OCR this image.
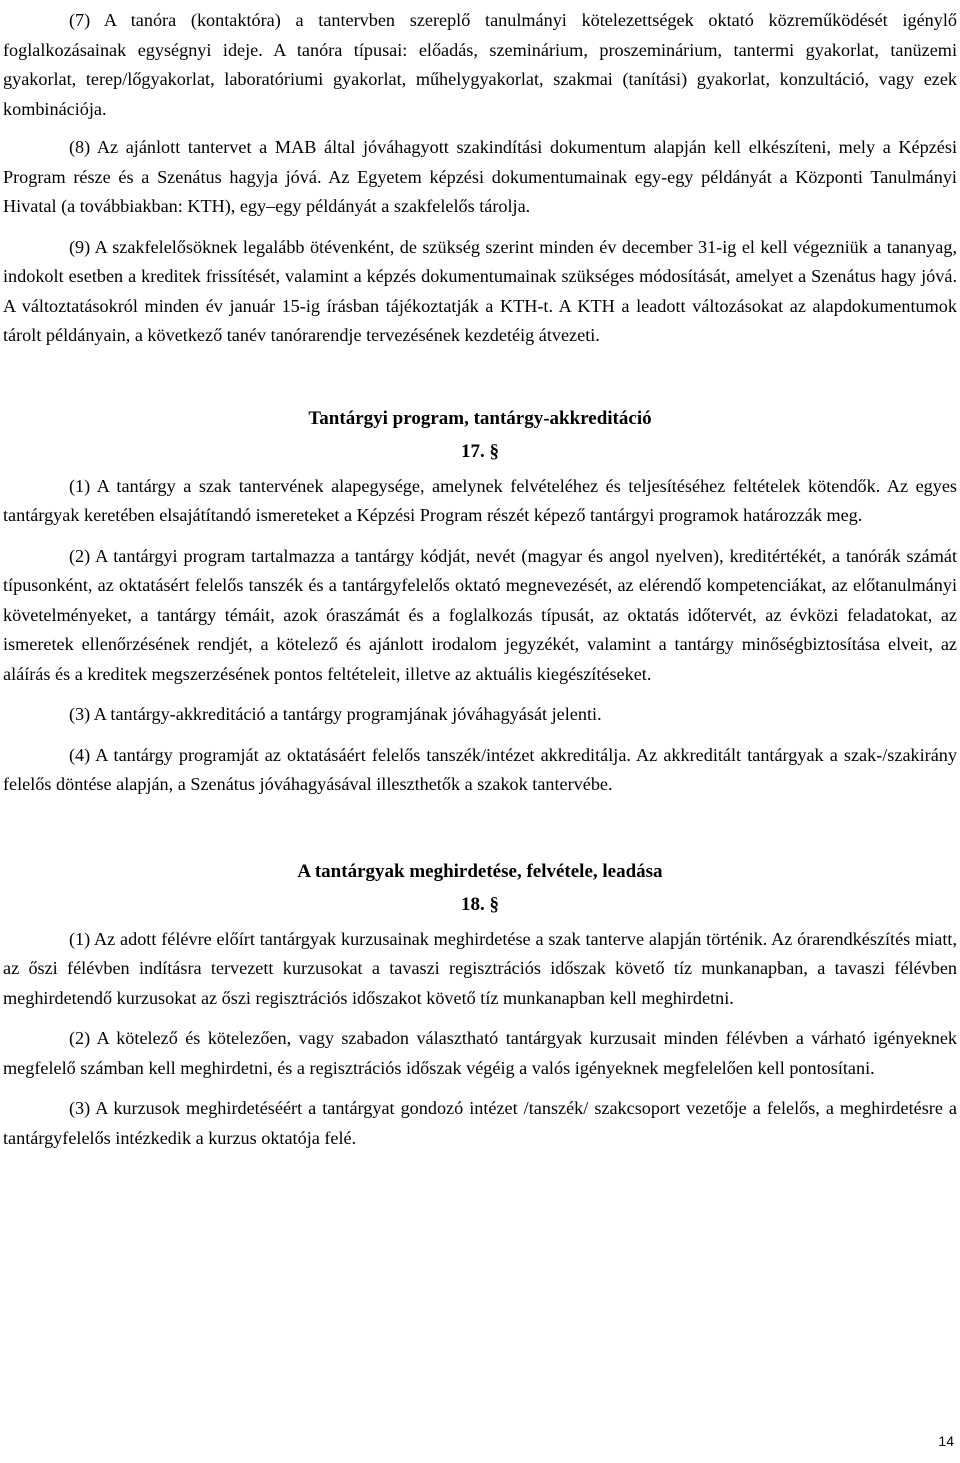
(7) A tanóra (kontaktóra) a tantervben szereplő tanulmányi kötelezettségek oktató közreműködését igénylő foglalkozásainak egységnyi ideje. A tanóra típusai: előadás, szeminárium, proszeminárium, tantermi gyakorlat, tanüzemi gyakorlat, terep/lőgyakorlat, laboratóriumi gyakorlat, műhelygyakorlat, szakmai (tanítási) gyakorlat, konzultáció, vagy ezek kombinációja.

(8) Az ajánlott tantervet a MAB által jóváhagyott szakindítási dokumentum alapján kell elkészíteni, mely a Képzési Program része és a Szenátus hagyja jóvá. Az Egyetem képzési dokumentumainak egy-egy példányát a Központi Tanulmányi Hivatal (a továbbiakban: KTH), egy–egy példányát a szakfelelős tárolja.

(9) A szakfelelősöknek legalább ötévenként, de szükség szerint minden év december 31-ig el kell végezniük a tananyag, indokolt esetben a kreditek frissítését, valamint a képzés dokumentumainak szükséges módosítását, amelyet a Szenátus hagy jóvá. A változtatásokról minden év január 15-ig írásban tájékoztatják a KTH-t. A KTH a leadott változásokat az alapdokumentumok tárolt példányain, a következő tanév tanórarendje tervezésének kezdetéig átvezeti.

Tantárgyi program, tantárgy-akkreditáció
17. §

(1) A tantárgy a szak tantervének alapegysége, amelynek felvételéhez és teljesítéséhez feltételek kötendők. Az egyes tantárgyak keretében elsajátítandó ismereteket a Képzési Program részét képező tantárgyi programok határozzák meg.

(2) A tantárgyi program tartalmazza a tantárgy kódját, nevét (magyar és angol nyelven), kreditértékét, a tanórák számát típusonként, az oktatásért felelős tanszék és a tantárgyfelelős oktató megnevezését, az elérendő kompetenciákat, az előtanulmányi követelményeket, a tantárgy témáit, azok óraszámát és a foglalkozás típusát, az oktatás időtervét, az évközi feladatokat, az ismeretek ellenőrzésének rendjét, a kötelező és ajánlott irodalom jegyzékét, valamint a tantárgy minőségbiztosítása elveit, az aláírás és a kreditek megszerzésének pontos feltételeit, illetve az aktuális kiegészítéseket.

(3) A tantárgy-akkreditáció a tantárgy programjának jóváhagyását jelenti.

(4) A tantárgy programját az oktatásáért felelős tanszék/intézet akkreditálja. Az akkreditált tantárgyak a szak-/szakirány felelős döntése alapján, a Szenátus jóváhagyásával illeszthetők a szakok tantervébe.

A tantárgyak meghirdetése, felvétele, leadása
18. §

(1) Az adott félévre előírt tantárgyak kurzusainak meghirdetése a szak tanterve alapján történik. Az órarendkészítés miatt, az őszi félévben indításra tervezett kurzusokat a tavaszi regisztrációs időszak követő tíz munkanapban, a tavaszi félévben meghirdetendő kurzusokat az őszi regisztrációs időszakot követő tíz munkanapban kell meghirdetni.

(2) A kötelező és kötelezően, vagy szabadon választható tantárgyak kurzusait minden félévben a várható igényeknek megfelelő számban kell meghirdetni, és a regisztrációs időszak végéig a valós igényeknek megfelelően kell pontosítani.

(3) A kurzusok meghirdetéséért a tantárgyat gondozó intézet /tanszék/ szakcsoport vezetője a felelős, a meghirdetésre a tantárgyfelelős intézkedik a kurzus oktatója felé.

14
